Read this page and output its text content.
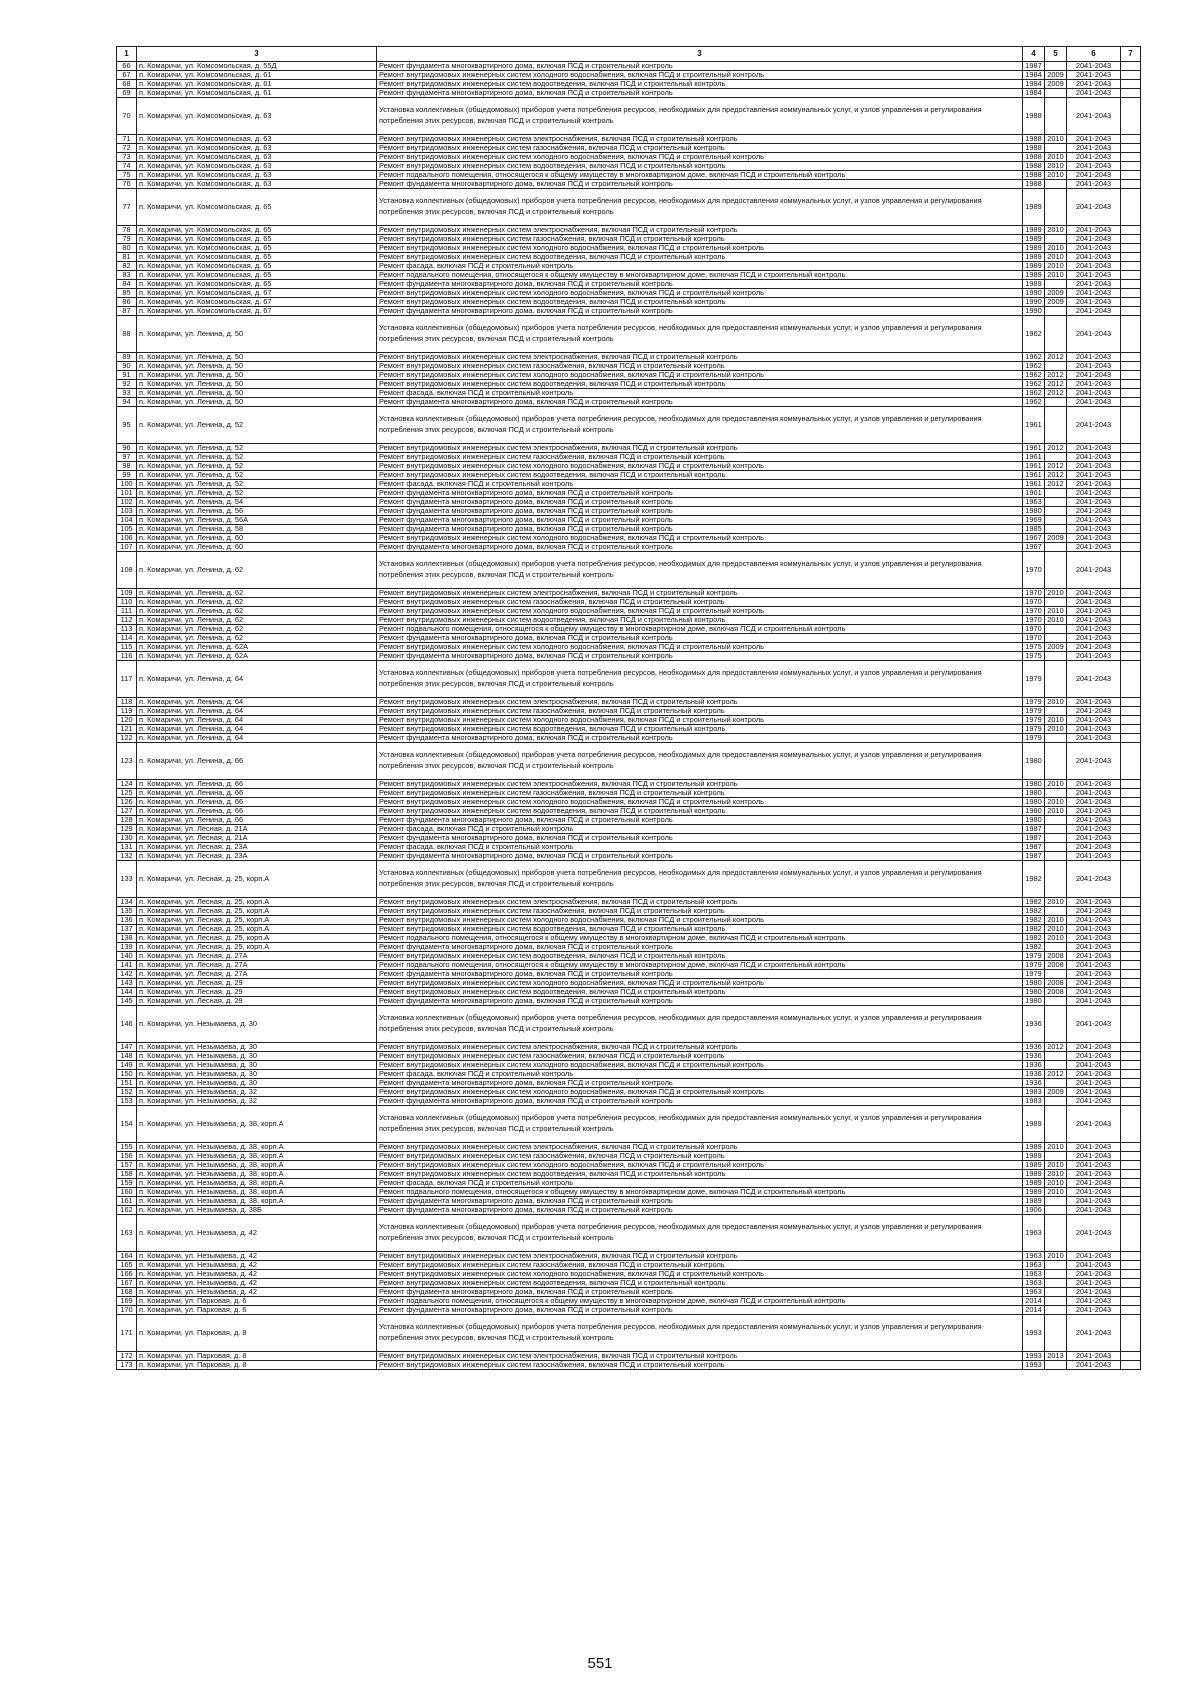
1	3	3	4	5	6	7
66	п. Комаричи, ул. Комсомольская, д. 55Д	Ремонт фундамента многоквартирного дома, включая ПСД и строительный контроль	1987		2041-2043	
67	п. Комаричи, ул. Комсомольская, д. 61	Ремонт внутридомовых инженерных систем холодного водоснабжения, включая ПСД и строительный контроль	1984	2009	2041-2043	
68	п. Комаричи, ул. Комсомольская, д. 61	Ремонт внутридомовых инженерных систем водоотведения, включая ПСД и строительный контроль	1984	2009	2041-2043	
69	п. Комаричи, ул. Комсомольская, д. 61	Ремонт фундамента многоквартирного дома, включая ПСД и строительный контроль	1984		2041-2043	
70	п. Комаричи, ул. Комсомольская, д. 63	Установка коллективных (общедомовых) приборов учета потребления ресурсов, необходимых для предоставления коммунальных услуг, и узлов управления и регулирования потребления этих ресурсов, включая ПСД и строительный контроль	1988		2041-2043	
71	п. Комаричи, ул. Комсомольская, д. 63	Ремонт внутридомовых инженерных систем электроснабжения, включая ПСД и строительный контроль	1988	2010	2041-2043	
72	п. Комаричи, ул. Комсомольская, д. 63	Ремонт внутридомовых инженерных систем газоснабжения, включая ПСД и строительный контроль	1988		2041-2043	
73	п. Комаричи, ул. Комсомольская, д. 63	Ремонт внутридомовых инженерных систем холодного водоснабжения, включая ПСД и строительный контроль	1988	2010	2041-2043	
74	п. Комаричи, ул. Комсомольская, д. 63	Ремонт внутридомовых инженерных систем водоотведения, включая ПСД и строительный контроль	1988	2010	2041-2043	
75	п. Комаричи, ул. Комсомольская, д. 63	Ремонт подвального помещения, относящегося к общему имуществу в многоквартирном доме, включая ПСД и строительный контроль	1988	2010	2041-2043	
76	п. Комаричи, ул. Комсомольская, д. 63	Ремонт фундамента многоквартирного дома, включая ПСД и строительный контроль	1988		2041-2043	
77	п. Комаричи, ул. Комсомольская, д. 65	Установка коллективных (общедомовых) приборов учета потребления ресурсов, необходимых для предоставления коммунальных услуг, и узлов управления и регулирования потребления этих ресурсов, включая ПСД и строительный контроль	1989		2041-2043	
78	п. Комаричи, ул. Комсомольская, д. 65	Ремонт внутридомовых инженерных систем электроснабжения, включая ПСД и строительный контроль	1989	2010	2041-2043	
79	п. Комаричи, ул. Комсомольская, д. 65	Ремонт внутридомовых инженерных систем газоснабжения, включая ПСД и строительный контроль	1989		2041-2043	
80	п. Комаричи, ул. Комсомольская, д. 65	Ремонт внутридомовых инженерных систем холодного водоснабжения, включая ПСД и строительный контроль	1989	2010	2041-2043	
81	п. Комаричи, ул. Комсомольская, д. 65	Ремонт внутридомовых инженерных систем водоотведения, включая ПСД и строительный контроль	1989	2010	2041-2043	
82	п. Комаричи, ул. Комсомольская, д. 65	Ремонт фасада, включая ПСД и строительный контроль	1989	2010	2041-2043	
83	п. Комаричи, ул. Комсомольская, д. 65	Ремонт подвального помещения, относящегося к общему имуществу в многоквартирном доме, включая ПСД и строительный контроль	1989	2010	2041-2043	
84	п. Комаричи, ул. Комсомольская, д. 65	Ремонт фундамента многоквартирного дома, включая ПСД и строительный контроль	1989		2041-2043	
85	п. Комаричи, ул. Комсомольская, д. 67	Ремонт внутридомовых инженерных систем холодного водоснабжения, включая ПСД и строительный контроль	1990	2009	2041-2043	
86	п. Комаричи, ул. Комсомольская, д. 67	Ремонт внутридомовых инженерных систем водоотведения, включая ПСД и строительный контроль	1990	2009	2041-2043	
87	п. Комаричи, ул. Комсомольская, д. 67	Ремонт фундамента многоквартирного дома, включая ПСД и строительный контроль	1990		2041-2043	
88	п. Комаричи, ул. Ленина, д. 50	Установка коллективных (общедомовых) приборов учета потребления ресурсов, необходимых для предоставления коммунальных услуг, и узлов управления и регулирования потребления этих ресурсов, включая ПСД и строительный контроль	1962		2041-2043	
89	п. Комаричи, ул. Ленина, д. 50	Ремонт внутридомовых инженерных систем электроснабжения, включая ПСД и строительный контроль	1962	2012	2041-2043	
90	п. Комаричи, ул. Ленина, д. 50	Ремонт внутридомовых инженерных систем газоснабжения, включая ПСД и строительный контроль	1962		2041-2043	
91	п. Комаричи, ул. Ленина, д. 50	Ремонт внутридомовых инженерных систем холодного водоснабжения, включая ПСД и строительный контроль	1962	2012	2041-2043	
92	п. Комаричи, ул. Ленина, д. 50	Ремонт внутридомовых инженерных систем водоотведения, включая ПСД и строительный контроль	1962	2012	2041-2043	
93	п. Комаричи, ул. Ленина, д. 50	Ремонт фасада, включая ПСД и строительный контроль	1962	2012	2041-2043	
94	п. Комаричи, ул. Ленина, д. 50	Ремонт фундамента многоквартирного дома, включая ПСД и строительный контроль	1962		2041-2043	
95	п. Комаричи, ул. Ленина, д. 52	Установка коллективных (общедомовых) приборов учета потребления ресурсов, необходимых для предоставления коммунальных услуг, и узлов управления и регулирования потребления этих ресурсов, включая ПСД и строительный контроль	1961		2041-2043	
96	п. Комаричи, ул. Ленина, д. 52	Ремонт внутридомовых инженерных систем электроснабжения, включая ПСД и строительный контроль	1961	2012	2041-2043	
97	п. Комаричи, ул. Ленина, д. 52	Ремонт внутридомовых инженерных систем газоснабжения, включая ПСД и строительный контроль	1961		2041-2043	
98	п. Комаричи, ул. Ленина, д. 52	Ремонт внутридомовых инженерных систем холодного водоснабжения, включая ПСД и строительный контроль	1961	2012	2041-2043	
99	п. Комаричи, ул. Ленина, д. 52	Ремонт внутридомовых инженерных систем водоотведения, включая ПСД и строительный контроль	1961	2012	2041-2043	
100	п. Комаричи, ул. Ленина, д. 52	Ремонт фасада, включая ПСД и строительный контроль	1961	2012	2041-2043	
101	п. Комаричи, ул. Ленина, д. 52	Ремонт фундамента многоквартирного дома, включая ПСД и строительный контроль	1961		2041-2043	
102	п. Комаричи, ул. Ленина, д. 54	Ремонт фундамента многоквартирного дома, включая ПСД и строительный контроль	1963		2041-2043	
103	п. Комаричи, ул. Ленина, д. 56	Ремонт фундамента многоквартирного дома, включая ПСД и строительный контроль	1980		2041-2043	
104	п. Комаричи, ул. Ленина, д. 56А	Ремонт фундамента многоквартирного дома, включая ПСД и строительный контроль	1969		2041-2043	
105	п. Комаричи, ул. Ленина, д. 58	Ремонт фундамента многоквартирного дома, включая ПСД и строительный контроль	1985		2041-2043	
106	п. Комаричи, ул. Ленина, д. 60	Ремонт внутридомовых инженерных систем холодного водоснабжения, включая ПСД и строительный контроль	1967	2009	2041-2043	
107	п. Комаричи, ул. Ленина, д. 60	Ремонт фундамента многоквартирного дома, включая ПСД и строительный контроль	1967		2041-2043	
108	п. Комаричи, ул. Ленина, д. 62	Установка коллективных (общедомовых) приборов учета потребления ресурсов, необходимых для предоставления коммунальных услуг, и узлов управления и регулирования потребления этих ресурсов, включая ПСД и строительный контроль	1970		2041-2043	
109	п. Комаричи, ул. Ленина, д. 62	Ремонт внутридомовых инженерных систем электроснабжения, включая ПСД и строительный контроль	1970	2010	2041-2043	
110	п. Комаричи, ул. Ленина, д. 62	Ремонт внутридомовых инженерных систем газоснабжения, включая ПСД и строительный контроль	1970		2041-2043	
111	п. Комаричи, ул. Ленина, д. 62	Ремонт внутридомовых инженерных систем холодного водоснабжения, включая ПСД и строительный контроль	1970	2010	2041-2043	
112	п. Комаричи, ул. Ленина, д. 62	Ремонт внутридомовых инженерных систем водоотведения, включая ПСД и строительный контроль	1970	2010	2041-2043	
113	п. Комаричи, ул. Ленина, д. 62	Ремонт подвального помещения, относящегося к общему имуществу в многоквартирном доме, включая ПСД и строительный контроль	1970		2041-2043	
114	п. Комаричи, ул. Ленина, д. 62	Ремонт фундамента многоквартирного дома, включая ПСД и строительный контроль	1970		2041-2043	
115	п. Комаричи, ул. Ленина, д. 62А	Ремонт внутридомовых инженерных систем холодного водоснабжения, включая ПСД и строительный контроль	1975	2009	2041-2043	
116	п. Комаричи, ул. Ленина, д. 62А	Ремонт фундамента многоквартирного дома, включая ПСД и строительный контроль	1975		2041-2043	
117	п. Комаричи, ул. Ленина, д. 64	Установка коллективных (общедомовых) приборов учета потребления ресурсов, необходимых для предоставления коммунальных услуг, и узлов управления и регулирования потребления этих ресурсов, включая ПСД и строительный контроль	1979		2041-2043	
118	п. Комаричи, ул. Ленина, д. 64	Ремонт внутридомовых инженерных систем электроснабжения, включая ПСД и строительный контроль	1979	2010	2041-2043	
119	п. Комаричи, ул. Ленина, д. 64	Ремонт внутридомовых инженерных систем газоснабжения, включая ПСД и строительный контроль	1979		2041-2043	
120	п. Комаричи, ул. Ленина, д. 64	Ремонт внутридомовых инженерных систем холодного водоснабжения, включая ПСД и строительный контроль	1979	2010	2041-2043	
121	п. Комаричи, ул. Ленина, д. 64	Ремонт внутридомовых инженерных систем водоотведения, включая ПСД и строительный контроль	1979	2010	2041-2043	
122	п. Комаричи, ул. Ленина, д. 64	Ремонт фундамента многоквартирного дома, включая ПСД и строительный контроль	1979		2041-2043	
123	п. Комаричи, ул. Ленина, д. 66	Установка коллективных (общедомовых) приборов учета потребления ресурсов, необходимых для предоставления коммунальных услуг, и узлов управления и регулирования потребления этих ресурсов, включая ПСД и строительный контроль	1980		2041-2043	
124	п. Комаричи, ул. Ленина, д. 66	Ремонт внутридомовых инженерных систем электроснабжения, включая ПСД и строительный контроль	1980	2010	2041-2043	
125	п. Комаричи, ул. Ленина, д. 66	Ремонт внутридомовых инженерных систем газоснабжения, включая ПСД и строительный контроль	1980		2041-2043	
126	п. Комаричи, ул. Ленина, д. 66	Ремонт внутридомовых инженерных систем холодного водоснабжения, включая ПСД и строительный контроль	1980	2010	2041-2043	
127	п. Комаричи, ул. Ленина, д. 66	Ремонт внутридомовых инженерных систем водоотведения, включая ПСД и строительный контроль	1980	2010	2041-2043	
128	п. Комаричи, ул. Ленина, д. 66	Ремонт фундамента многоквартирного дома, включая ПСД и строительный контроль	1980		2041-2043	
129	п. Комаричи, ул. Лесная, д. 21А	Ремонт фасада, включая ПСД и строительный контроль	1987		2041-2043	
130	п. Комаричи, ул. Лесная, д. 21А	Ремонт фундамента многоквартирного дома, включая ПСД и строительный контроль	1987		2041-2043	
131	п. Комаричи, ул. Лесная, д. 23А	Ремонт фасада, включая ПСД и строительный контроль	1987		2041-2043	
132	п. Комаричи, ул. Лесная, д. 23А	Ремонт фундамента многоквартирного дома, включая ПСД и строительный контроль	1987		2041-2043	
133	п. Комаричи, ул. Лесная, д. 25, корп.А	Установка коллективных (общедомовых) приборов учета потребления ресурсов, необходимых для предоставления коммунальных услуг, и узлов управления и регулирования потребления этих ресурсов, включая ПСД и строительный контроль	1982		2041-2043	
134	п. Комаричи, ул. Лесная, д. 25, корп.А	Ремонт внутридомовых инженерных систем электроснабжения, включая ПСД и строительный контроль	1982	2010	2041-2043	
135	п. Комаричи, ул. Лесная, д. 25, корп.А	Ремонт внутридомовых инженерных систем газоснабжения, включая ПСД и строительный контроль	1982		2041-2043	
136	п. Комаричи, ул. Лесная, д. 25, корп.А	Ремонт внутридомовых инженерных систем холодного водоснабжения, включая ПСД и строительный контроль	1982	2010	2041-2043	
137	п. Комаричи, ул. Лесная, д. 25, корп.А	Ремонт внутридомовых инженерных систем водоотведения, включая ПСД и строительный контроль	1982	2010	2041-2043	
138	п. Комаричи, ул. Лесная, д. 25, корп.А	Ремонт подвального помещения, относящегося к общему имуществу в многоквартирном доме, включая ПСД и строительный контроль	1982	2010	2041-2043	
139	п. Комаричи, ул. Лесная, д. 25, корп.А	Ремонт фундамента многоквартирного дома, включая ПСД и строительный контроль	1982		2041-2043	
140	п. Комаричи, ул. Лесная, д. 27А	Ремонт внутридомовых инженерных систем водоотведения, включая ПСД и строительный контроль	1979	2008	2041-2043	
141	п. Комаричи, ул. Лесная, д. 27А	Ремонт подвального помещения, относящегося к общему имуществу в многоквартирном доме, включая ПСД и строительный контроль	1979	2008	2041-2043	
142	п. Комаричи, ул. Лесная, д. 27А	Ремонт фундамента многоквартирного дома, включая ПСД и строительный контроль	1979		2041-2043	
143	п. Комаричи, ул. Лесная, д. 29	Ремонт внутридомовых инженерных систем холодного водоснабжения, включая ПСД и строительный контроль	1980	2008	2041-2043	
144	п. Комаричи, ул. Лесная, д. 29	Ремонт внутридомовых инженерных систем водоотведения, включая ПСД и строительный контроль	1980	2008	2041-2043	
145	п. Комаричи, ул. Лесная, д. 29	Ремонт фундамента многоквартирного дома, включая ПСД и строительный контроль	1980		2041-2043	
146	п. Комаричи, ул. Незымаева, д. 30	Установка коллективных (общедомовых) приборов учета потребления ресурсов, необходимых для предоставления коммунальных услуг, и узлов управления и регулирования потребления этих ресурсов, включая ПСД и строительный контроль	1936		2041-2043	
147	п. Комаричи, ул. Незымаева, д. 30	Ремонт внутридомовых инженерных систем электроснабжения, включая ПСД и строительный контроль	1936	2012	2041-2043	
148	п. Комаричи, ул. Незымаева, д. 30	Ремонт внутридомовых инженерных систем газоснабжения, включая ПСД и строительный контроль	1936		2041-2043	
149	п. Комаричи, ул. Незымаева, д. 30	Ремонт внутридомовых инженерных систем холодного водоснабжения, включая ПСД и строительный контроль	1936		2041-2043	
150	п. Комаричи, ул. Незымаева, д. 30	Ремонт фасада, включая ПСД и строительный контроль	1936	2012	2041-2043	
151	п. Комаричи, ул. Незымаева, д. 30	Ремонт фундамента многоквартирного дома, включая ПСД и строительный контроль	1936		2041-2043	
152	п. Комаричи, ул. Незымаева, д. 32	Ремонт внутридомовых инженерных систем холодного водоснабжения, включая ПСД и строительный контроль	1983	2009	2041-2043	
153	п. Комаричи, ул. Незымаева, д. 32	Ремонт фундамента многоквартирного дома, включая ПСД и строительный контроль	1983		2041-2043	
154	п. Комаричи, ул. Незымаева, д. 38, корп.А	Установка коллективных (общедомовых) приборов учета потребления ресурсов, необходимых для предоставления коммунальных услуг, и узлов управления и регулирования потребления этих ресурсов, включая ПСД и строительный контроль	1989		2041-2043	
155	п. Комаричи, ул. Незымаева, д. 38, корп.А	Ремонт внутридомовых инженерных систем электроснабжения, включая ПСД и строительный контроль	1989	2010	2041-2043	
156	п. Комаричи, ул. Незымаева, д. 38, корп.А	Ремонт внутридомовых инженерных систем газоснабжения, включая ПСД и строительный контроль	1989		2041-2043	
157	п. Комаричи, ул. Незымаева, д. 38, корп.А	Ремонт внутридомовых инженерных систем холодного водоснабжения, включая ПСД и строительный контроль	1989	2010	2041-2043	
158	п. Комаричи, ул. Незымаева, д. 38, корп.А	Ремонт внутридомовых инженерных систем водоотведения, включая ПСД и строительный контроль	1989	2010	2041-2043	
159	п. Комаричи, ул. Незымаева, д. 38, корп.А	Ремонт фасада, включая ПСД и строительный контроль	1989	2010	2041-2043	
160	п. Комаричи, ул. Незымаева, д. 38, корп.А	Ремонт подвального помещения, относящегося к общему имуществу в многоквартирном доме, включая ПСД и строительный контроль	1989	2010	2041-2043	
161	п. Комаричи, ул. Незымаева, д. 38, корп.А	Ремонт фундамента многоквартирного дома, включая ПСД и строительный контроль	1989		2041-2043	
162	п. Комаричи, ул. Незымаева, д. 38Б	Ремонт фундамента многоквартирного дома, включая ПСД и строительный контроль	1906		2041-2043	
163	п. Комаричи, ул. Незымаева, д. 42	Установка коллективных (общедомовых) приборов учета потребления ресурсов, необходимых для предоставления коммунальных услуг, и узлов управления и регулирования потребления этих ресурсов, включая ПСД и строительный контроль	1963		2041-2043	
164	п. Комаричи, ул. Незымаева, д. 42	Ремонт внутридомовых инженерных систем электроснабжения, включая ПСД и строительный контроль	1963	2010	2041-2043	
165	п. Комаричи, ул. Незымаева, д. 42	Ремонт внутридомовых инженерных систем газоснабжения, включая ПСД и строительный контроль	1963		2041-2043	
166	п. Комаричи, ул. Незымаева, д. 42	Ремонт внутридомовых инженерных систем холодного водоснабжения, включая ПСД и строительный контроль	1963		2041-2043	
167	п. Комаричи, ул. Незымаева, д. 42	Ремонт внутридомовых инженерных систем водоотведения, включая ПСД и строительный контроль	1963		2041-2043	
168	п. Комаричи, ул. Незымаева, д. 42	Ремонт фундамента многоквартирного дома, включая ПСД и строительный контроль	1963		2041-2043	
169	п. Комаричи, ул. Парковая, д. 6	Ремонт подвального помещения, относящегося к общему имуществу в многоквартирном доме, включая ПСД и строительный контроль	2014		2041-2043	
170	п. Комаричи, ул. Парковая, д. 6	Ремонт фундамента многоквартирного дома, включая ПСД и строительный контроль	2014		2041-2043	
171	п. Комаричи, ул. Парковая, д. 8	Установка коллективных (общедомовых) приборов учета потребления ресурсов, необходимых для предоставления коммунальных услуг, и узлов управления и регулирования потребления этих ресурсов, включая ПСД и строительный контроль	1993		2041-2043	
172	п. Комаричи, ул. Парковая, д. 8	Ремонт внутридомовых инженерных систем электроснабжения, включая ПСД и строительный контроль	1993	2013	2041-2043	
173	п. Комаричи, ул. Парковая, д. 8	Ремонт внутридомовых инженерных систем газоснабжения, включая ПСД и строительный контроль	1993		2041-2043	
551
